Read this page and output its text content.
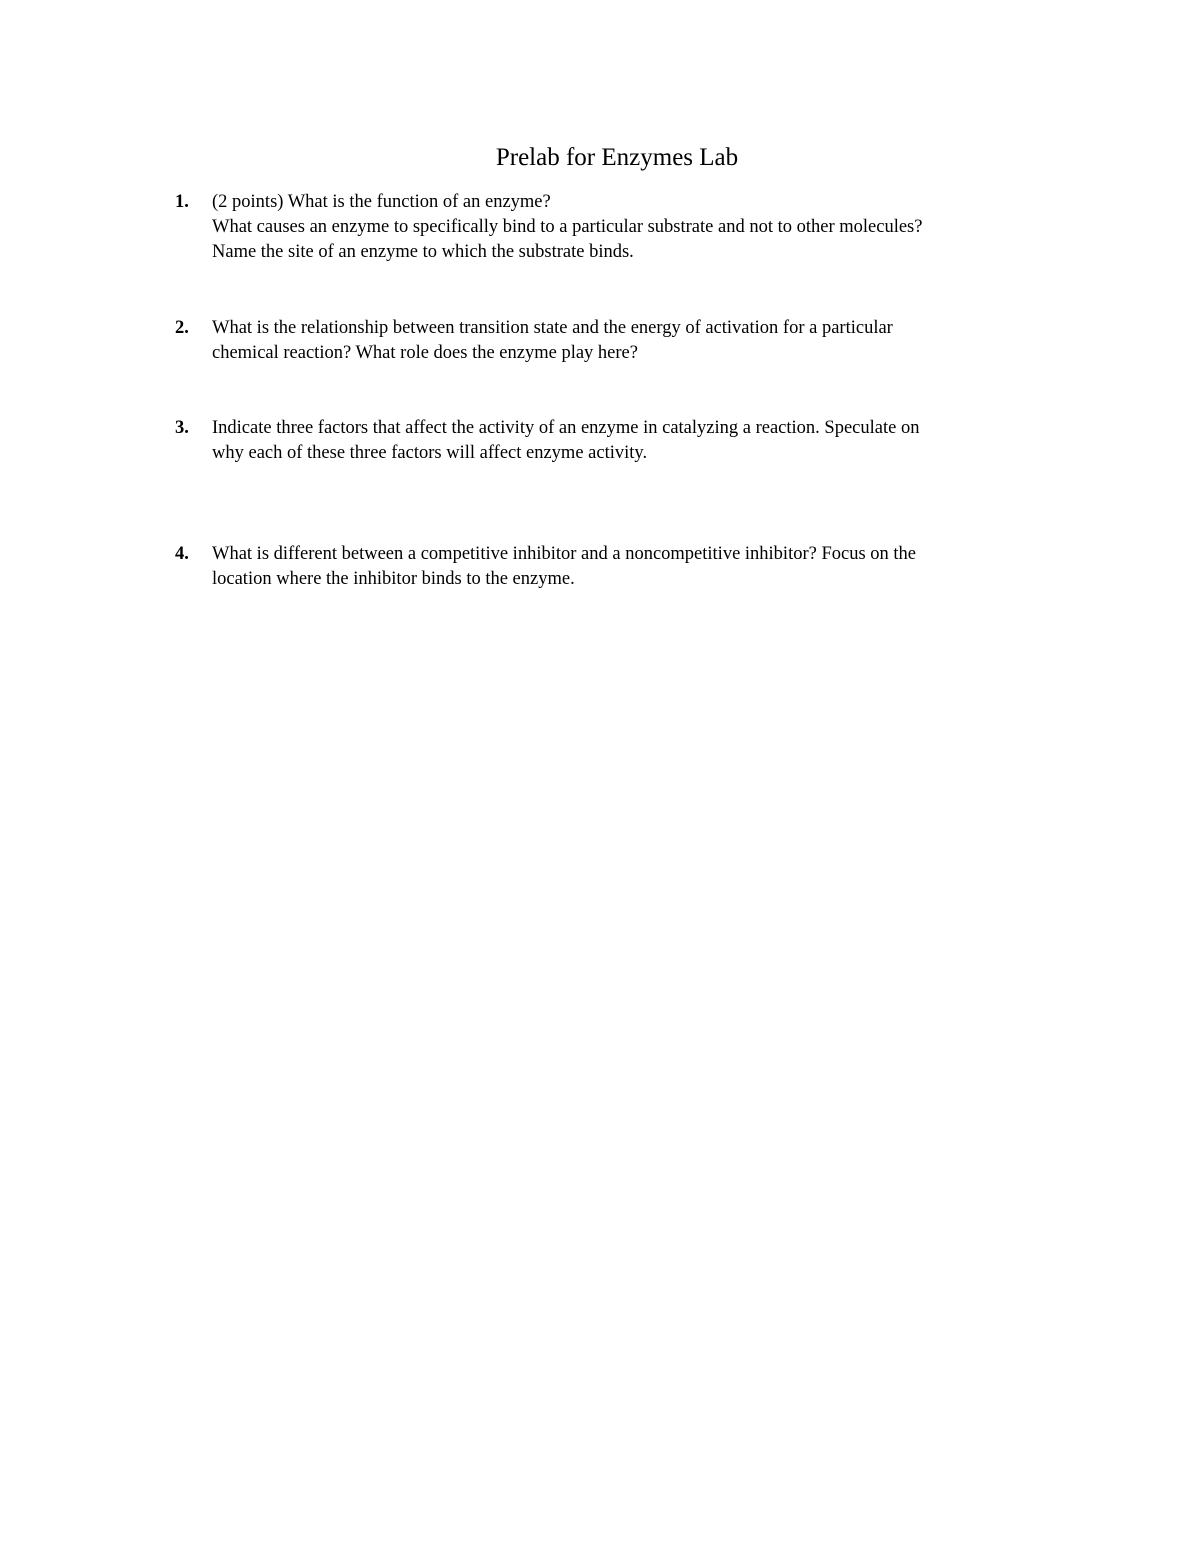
Prelab for Enzymes Lab
1. (2 points) What is the function of an enzyme?
What causes an enzyme to specifically bind to a particular substrate and not to other molecules?
Name the site of an enzyme to which the substrate binds.
2. What is the relationship between transition state and the energy of activation for a particular
chemical reaction? What role does the enzyme play here?
3. Indicate three factors that affect the activity of an enzyme in catalyzing a reaction. Speculate on
why each of these three factors will affect enzyme activity.
4. What is different between a competitive inhibitor and a noncompetitive inhibitor? Focus on the
location where the inhibitor binds to the enzyme.
